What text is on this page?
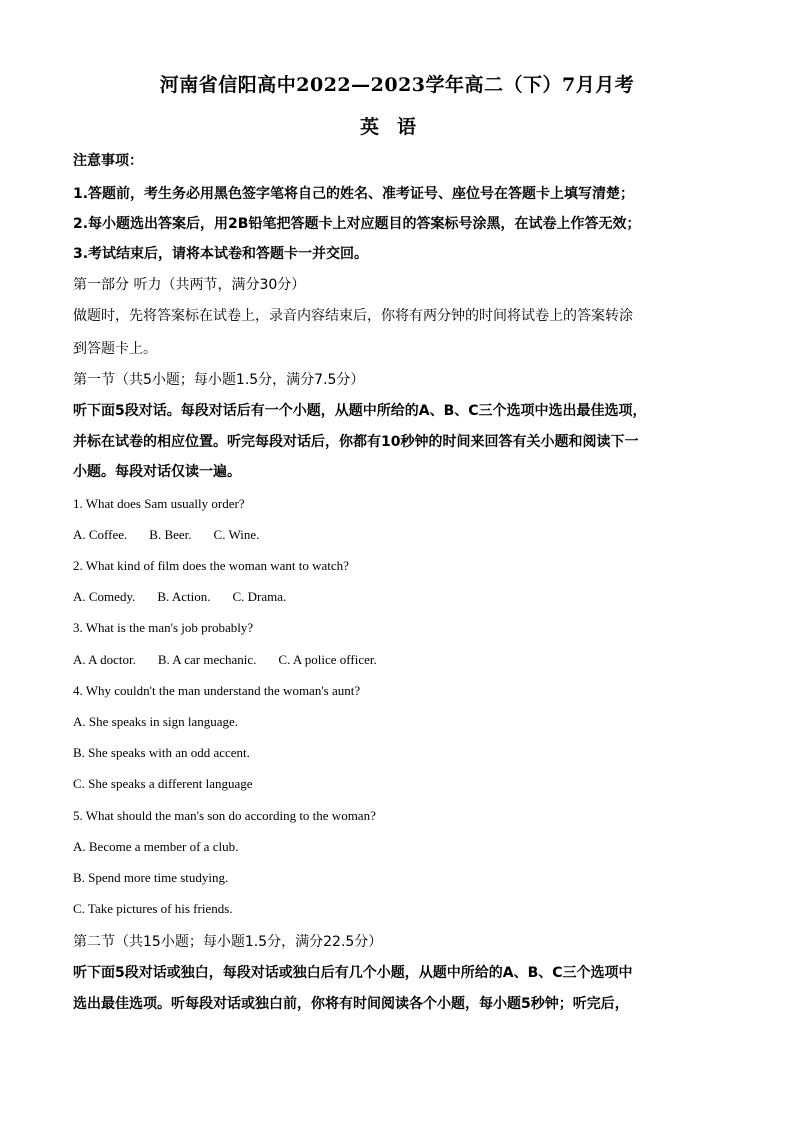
河南省信阳高中2022—2023学年高二（下）7月月考
英语
注意事项：
1.答题前，考生务必用黑色签字笔将自己的姓名、准考证号、座位号在答题卡上填写清楚；
2.每小题选出答案后，用2B铅笔把答题卡上对应题目的答案标号涂黑，在试卷上作答无效；
3.考试结束后，请将本试卷和答题卡一并交回。
第一部分 听力（共两节，满分30分）
做题时，先将答案标在试卷上，录音内容结束后，你将有两分钟的时间将试卷上的答案转涂
到答题卡上。
第一节（共5小题；每小题1.5分，满分7.5分）
听下面5段对话。每段对话后有一个小题，从题中所给的A、B、C三个选项中选出最佳选项，
并标在试卷的相应位置。听完每段对话后，你都有10秒钟的时间来回答有关小题和阅读下一
小题。每段对话仅读一遍。
1. What does Sam usually order?
A. Coffee. B. Beer. C. Wine.
2. What kind of film does the woman want to watch?
A. Comedy. B. Action. C. Drama.
3. What is the man's job probably?
A. A doctor. B. A car mechanic. C. A police officer.
4. Why couldn't the man understand the woman's aunt?
A. She speaks in sign language.
B. She speaks with an odd accent.
C. She speaks a different language
5. What should the man's son do according to the woman?
A. Become a member of a club.
B. Spend more time studying.
C. Take pictures of his friends.
第二节（共15小题；每小题1.5分，满分22.5分）
听下面5段对话或独白，每段对话或独白后有几个小题，从题中所给的A、B、C三个选项中
选出最佳选项。听每段对话或独白前，你将有时间阅读各个小题，每小题5秒钟；听完后，
